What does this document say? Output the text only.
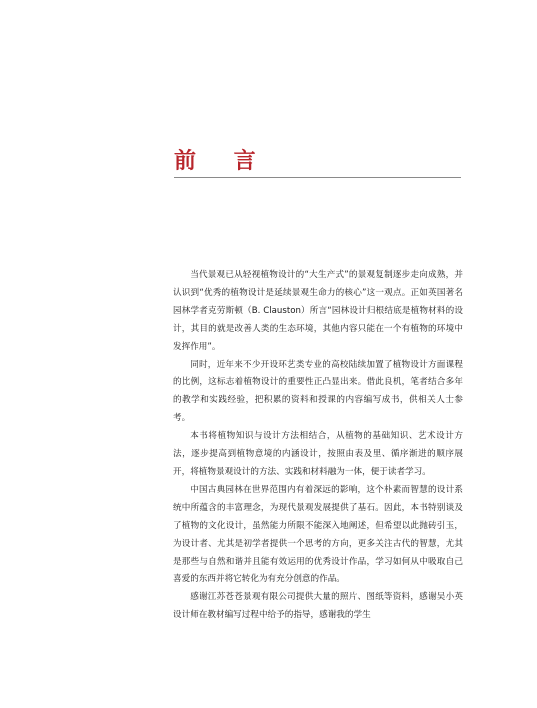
前 言

当代景观已从轻视植物设计的“大生产式”的景观复制逐步走向成熟，并认识到“优秀的植物设计是延续景观生命力的核心”这一观点。正如英国著名园林学者克劳斯顿（B. Clauston）所言“园林设计归根结底是植物材料的设计，其目的就是改善人类的生态环境，其他内容只能在一个有植物的环境中发挥作用”。

同时，近年来不少开设环艺类专业的高校陆续加置了植物设计方面课程的比例，这标志着植物设计的重要性正凸显出来。借此良机，笔者结合多年的教学和实践经验，把积累的资料和授课的内容编写成书，供相关人士参考。

本书将植物知识与设计方法相结合，从植物的基础知识、艺术设计方法，逐步提高到植物意境的内涵设计，按照由表及里、循序渐进的顺序展开，将植物景观设计的方法、实践和材料融为一体，便于读者学习。

中国古典园林在世界范围内有着深远的影响，这个朴素而智慧的设计系统中所蕴含的丰富理念，为现代景观发展提供了基石。因此，本书特别谈及了植物的文化设计，虽然能力所限不能深入地阐述，但希望以此抛砖引玉，为设计者、尤其是初学者提供一个思考的方向，更多关注古代的智慧，尤其是那些与自然和谐并且能有效运用的优秀设计作品，学习如何从中吸取自己喜爱的东西并将它转化为有充分创意的作品。

感谢江苏苍苍景观有限公司提供大量的照片、图纸等资料，感谢吴小英设计师在教材编写过程中给予的指导，感谢我的学生
